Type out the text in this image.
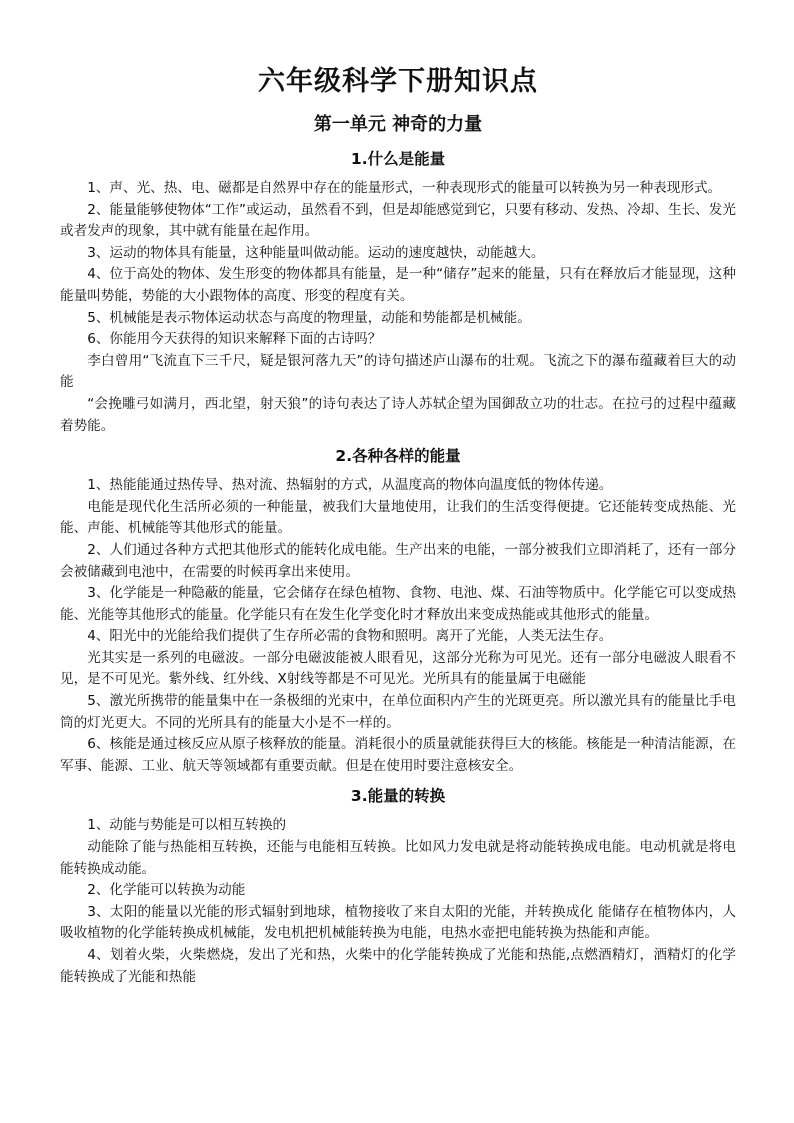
六年级科学下册知识点
第一单元 神奇的力量
1.什么是能量

1、声、光、热、电、磁都是自然界中存在的能量形式，一种表现形式的能量可以转换为另一种表现形式。

2、能量能够使物体“工作”或运动，虽然看不到，但是却能感觉到它，只要有移动、发热、冷却、生长、发光或者发声的现象，其中就有能量在起作用。

3、运动的物体具有能量，这种能量叫做动能。运动的速度越快，动能越大。

4、位于高处的物体、发生形变的物体都具有能量，是一种“储存”起来的能量，只有在释放后才能显现，这种能量叫势能，势能的大小跟物体的高度、形变的程度有关。

5、机械能是表示物体运动状态与高度的物理量，动能和势能都是机械能。

6、你能用今天获得的知识来解释下面的古诗吗？

李白曾用“飞流直下三千尺，疑是银河落九天”的诗句描述庐山瀑布的壮观。飞流之下的瀑布蕴藏着巨大的动能

“会挽雕弓如满月，西北望，射天狼”的诗句表达了诗人苏轼企望为国御敌立功的壮志。在拉弓的过程中蕴藏着势能。

2.各种各样的能量

1、热能能通过热传导、热对流、热辐射的方式，从温度高的物体向温度低的物体传递。

电能是现代化生活所必须的一种能量，被我们大量地使用，让我们的生活变得便捷。它还能转变成热能、光能、声能、机械能等其他形式的能量。

2、人们通过各种方式把其他形式的能转化成电能。生产出来的电能，一部分被我们立即消耗了，还有一部分会被储藏到电池中，在需要的时候再拿出来使用。

3、化学能是一种隐蔽的能量，它会储存在绿色植物、食物、电池、煤、石油等物质中。化学能它可以变成热能、光能等其他形式的能量。化学能只有在发生化学变化时才释放出来变成热能或其他形式的能量。

4、阳光中的光能给我们提供了生存所必需的食物和照明。离开了光能，人类无法生存。

光其实是一系列的电磁波。一部分电磁波能被人眼看见，这部分光称为可见光。还有一部分电磁波人眼看不见，是不可见光。紫外线、红外线、X射线等都是不可见光。光所具有的能量属于电磁能

5、激光所携带的能量集中在一条极细的光束中，在单位面积内产生的光斑更亮。所以激光具有的能量比手电筒的灯光更大。不同的光所具有的能量大小是不一样的。

6、核能是通过核反应从原子核释放的能量。消耗很小的质量就能获得巨大的核能。核能是一种清洁能源，在军事、能源、工业、航天等领域都有重要贡献。但是在使用时要注意核安全。

3.能量的转换

1、动能与势能是可以相互转换的

动能除了能与热能相互转换，还能与电能相互转换。比如风力发电就是将动能转换成电能。电动机就是将电能转换成动能。

2、化学能可以转换为动能

3、太阳的能量以光能的形式辐射到地球，植物接收了来自太阳的光能，并转换成化 能储存在植物体内，人吸收植物的化学能转换成机械能，发电机把机械能转换为电能，电热水壶把电能转换为热能和声能。

4、划着火柴，火柴燃烧，发出了光和热，火柴中的化学能转换成了光能和热能,点燃酒精灯，酒精灯的化学能转换成了光能和热能
